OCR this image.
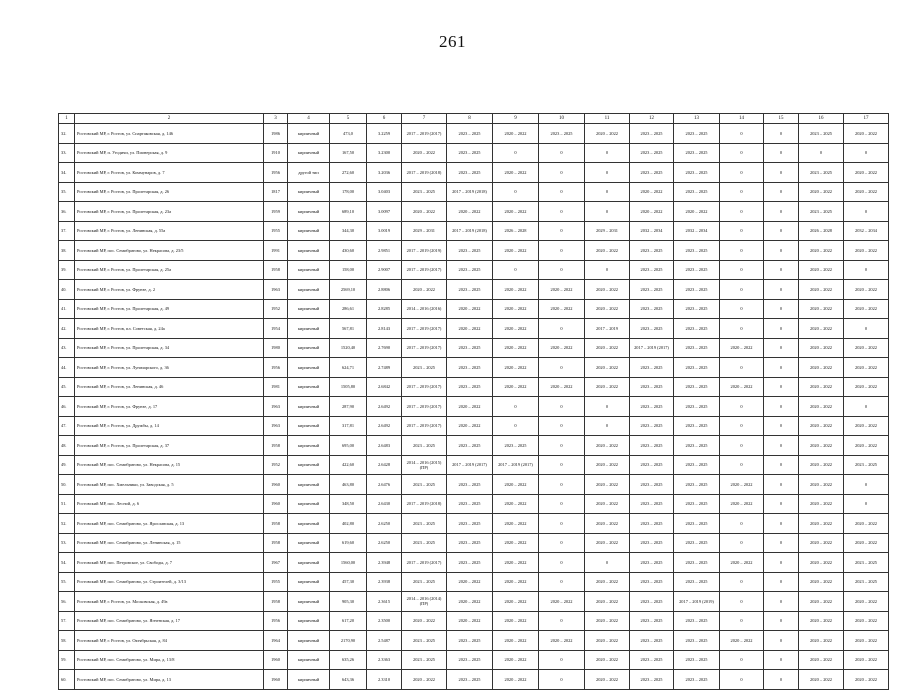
261
1	2	3	4	5	6	7	8	9	10	11	12	13	14	15	16	17
32.	Ростовский МР, г. Ростов, ул. Спартаковская, д. 146	1986	кирпичный	473,0	3.2259	2017 – 2019 (2017)	2023 – 2025	2020 – 2022	2023 – 2025	2020 – 2022	2023 – 2025	2023 – 2025	0	0	2023 – 2025	2020 – 2022
33.	Ростовский МР, п. Угодичи, ул. Пионерская, д. 9	1910	кирпичный	167,50	3.2300	2020 – 2022	2023 – 2025	0	0	0	2023 – 2025	2023 – 2025	0	0	0	0
34.	Ростовский МР, г. Ростов, ул. Коммунаров, д. 7	1956	другой тип	272,60	3.2036	2017 – 2019 (2018)	2023 – 2025	2020 – 2022	0	0	2023 – 2025	2023 – 2025	0	0	2023 – 2025	2020 – 2022
35.	Ростовский МР, г. Ростов, ул. Пролетарская, д. 26	1817	кирпичный	178,00	3.0403	2023 – 2025	2017 – 2019 (2018)	0	0	0	2020 – 2022	2023 – 2025	0	0	2020 – 2022	2020 – 2022
36.	Ростовский МР, г. Ростов, ул. Пролетарская, д. 23а	1959	кирпичный	689,10	3.0097	2020 – 2022	2020 – 2022	2020 – 2022	0	0	2020 – 2022	2020 – 2022	0	0	2023 – 2025	0
37.	Ростовский МР, г. Ростов, ул. Ленинская, д. 55а	1955	кирпичный	344,30	3.0019	2029 – 2031	2017 – 2019 (2018)	2026 – 2028	0	2029 – 2031	2032 – 2034	2032 – 2034	0	0	2026 – 2028	2032 – 2034
38.	Ростовский МР, пос. Семибратово, ул. Некрасова, д. 23/5	1991	кирпичный	430,60	2.9851	2017 – 2019 (2019)	2023 – 2025	2020 – 2022	0	2020 – 2022	2023 – 2025	2023 – 2025	0	0	2020 – 2022	2020 – 2022
39.	Ростовский МР, г. Ростов, ул. Пролетарская, д. 25а	1958	кирпичный	158,00	2.9007	2017 – 2019 (2017)	2023 – 2025	0	0	0	2023 – 2025	2023 – 2025	0	0	2020 – 2022	0
40.	Ростовский МР, г. Ростов, ул. Фрунзе, д. 2	1963	кирпичный	2569,10	2.8806	2020 – 2022	2023 – 2025	2020 – 2022	2020 – 2022	2020 – 2022	2023 – 2025	2023 – 2025	0	0	2020 – 2022	2020 – 2022
41.	Ростовский МР, г. Ростов, ул. Пролетарская, д. 49	1952	кирпичный	286,61	2.8285	2014 – 2016 (2016)	2020 – 2022	2020 – 2022	2020 – 2022	2020 – 2022	2023 – 2025	2023 – 2025	0	0	2020 – 2022	2020 – 2022
42.	Ростовский МР, г. Ростов, пл. Советская, д. 24а	1954	кирпичный	567,81	2.8143	2017 – 2019 (2017)	2020 – 2022	2020 – 2022	0	2017 – 2019	2023 – 2025	2023 – 2025	0	0	2020 – 2022	0
43.	Ростовский МР, г. Ростов, ул. Пролетарская, д. 34	1980	кирпичный	1520,40	2.7690	2017 – 2019 (2017)	2023 – 2025	2020 – 2022	2020 – 2022	2020 – 2022	2017 – 2019 (2017)	2023 – 2025	2020 – 2022	0	2020 – 2022	2020 – 2022
44.	Ростовский МР, г. Ростов, ул. Луначарского, д. 36	1956	кирпичный	624,71	2.7489	2023 – 2025	2023 – 2025	2020 – 2022	0	2020 – 2022	2023 – 2025	2023 – 2025	0	0	2020 – 2022	2020 – 2022
45.	Ростовский МР, г. Ростов, ул. Ленинская, д. 46	1981	кирпичный	1505,80	2.6842	2017 – 2019 (2017)	2023 – 2025	2020 – 2022	2020 – 2022	2020 – 2022	2023 – 2025	2023 – 2025	2020 – 2022	0	2020 – 2022	2020 – 2022
46.	Ростовский МР, г. Ростов, ул. Фрунзе, д. 17	1963	кирпичный	287,90	2.6492	2017 – 2019 (2017)	2020 – 2022	0	0	0	2023 – 2025	2023 – 2025	0	0	2020 – 2022	0
47.	Ростовский МР, г. Ростов, ул. Дружбы, д. 14	1963	кирпичный	317,81	2.6492	2017 – 2019 (2017)	2020 – 2022	0	0	0	2023 – 2025	2023 – 2025	0	0	2020 – 2022	2020 – 2022
48.	Ростовский МР, г. Ростов, ул. Пролетарская, д. 37	1958	кирпичный	695,00	2.6483	2023 – 2025	2023 – 2025	2023 – 2025	0	2020 – 2022	2023 – 2025	2023 – 2025	0	0	2020 – 2022	2020 – 2022
49.	Ростовский МР, пос. Семибратово, ул. Некрасова, д. 15	1952	кирпичный	422,60	2.6428	2014 – 2016 (2015) (ПР)	2017 – 2019 (2017)	2017 – 2019 (2017)	0	2020 – 2022	2023 – 2025	2023 – 2025	0	0	2020 – 2022	2023 – 2025
50.	Ростовский МР, пос. Хмельники, ул. Заводская, д. 5	1960	кирпичный	463,80	2.6476	2023 – 2025	2023 – 2025	2020 – 2022	0	2020 – 2022	2023 – 2025	2023 – 2025	2020 – 2022	0	2020 – 2022	0
51.	Ростовский МР, пос. Лесной, д. 6	1960	кирпичный	348,50	2.6430	2017 – 2019 (2018)	2023 – 2025	2020 – 2022	0	2020 – 2022	2023 – 2025	2023 – 2025	2020 – 2022	0	2020 – 2022	0
52.	Ростовский МР, пос. Семибратово, ул. Ярославская, д. 13	1958	кирпичный	402,80	2.6250	2023 – 2025	2023 – 2025	2020 – 2022	0	2020 – 2022	2023 – 2025	2023 – 2025	0	0	2020 – 2022	2020 – 2022
53.	Ростовский МР, пос. Семибратово, ул. Ленинская, д. 15	1958	кирпичный	619,60	2.6250	2023 – 2025	2023 – 2025	2020 – 2022	0	2020 – 2022	2023 – 2025	2023 – 2025	0	0	2020 – 2022	2020 – 2022
54.	Ростовский МР, пос. Петровское, ул. Свободы, д. 7	1967	кирпичный	1560,00	2.3948	2017 – 2019 (2017)	2023 – 2025	2020 – 2022	0	0	2023 – 2025	2023 – 2025	2020 – 2022	0	2020 – 2022	2023 – 2025
55.	Ростовский МР, пос. Семибратово, ул. Строителей, д. 3/13	1955	кирпичный	457,30	2.3938	2023 – 2025	2020 – 2022	2020 – 2022	0	2020 – 2022	2023 – 2025	2023 – 2025	0	0	2020 – 2022	2023 – 2025
56.	Ростовский МР, г. Ростов, ул. Московская, д. 49а	1958	кирпичный	905,30	2.3615	2014 – 2016 (2014) (ПР)	2020 – 2022	2020 – 2022	2020 – 2022	2020 – 2022	2023 – 2025	2017 – 2019 (2019)	0	0	2020 – 2022	2020 – 2022
57.	Ростовский МР, пос. Семибратово, ул. Ягненская, д. 17	1956	кирпичный	617,20	2.3500	2020 – 2022	2020 – 2022	2020 – 2022	0	2020 – 2022	2023 – 2025	2023 – 2025	0	0	2020 – 2022	2020 – 2022
58.	Ростовский МР, г. Ростов, ул. Октябрьская, д. 84	1964	кирпичный	2170,90	2.5487	2023 – 2025	2023 – 2025	2020 – 2022	2020 – 2022	2020 – 2022	2023 – 2025	2023 – 2025	2020 – 2022	0	2020 – 2022	2020 – 2022
59.	Ростовский МР, пос. Семибратово, ул. Мира, д. 13/8	1960	кирпичный	635,26	2.3363	2023 – 2025	2023 – 2025	2020 – 2022	0	2020 – 2022	2023 – 2025	2023 – 2025	0	0	2020 – 2022	2020 – 2022
60.	Ростовский МР, пос. Семибратово, ул. Мира, д. 13	1960	кирпичный	643,36	2.3310	2020 – 2022	2023 – 2025	2020 – 2022	0	2020 – 2022	2023 – 2025	2023 – 2025	0	0	2020 – 2022	2020 – 2022
